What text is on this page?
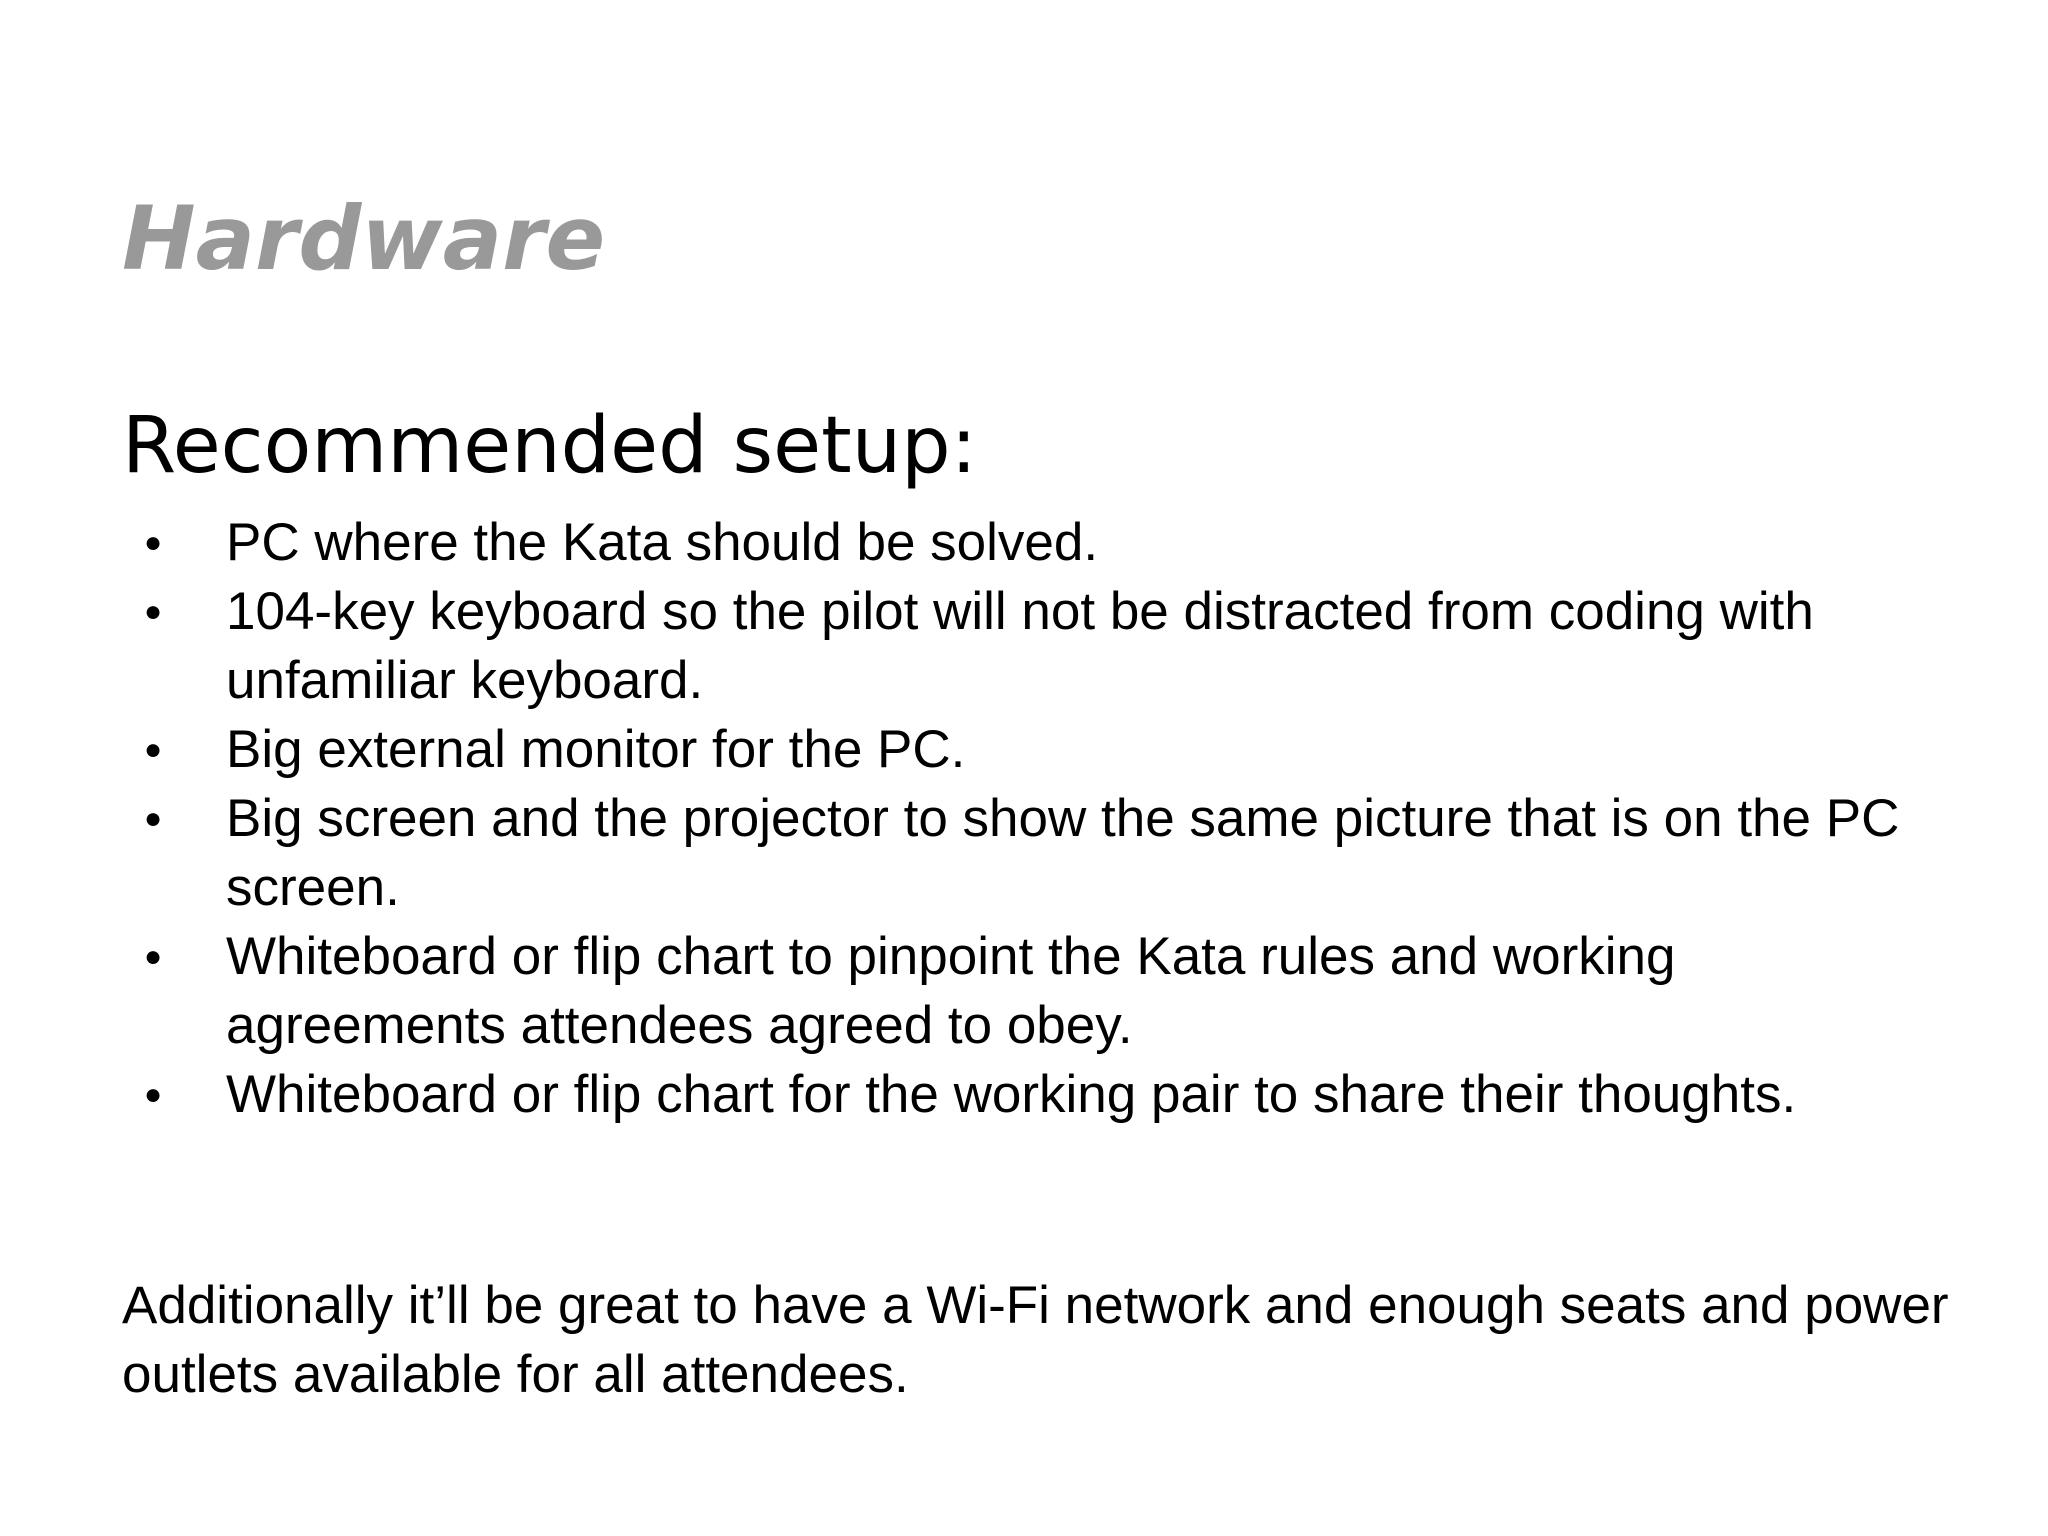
Hardware
Recommended setup:
● PC where the Kata should be solved.
● 104-key keyboard so the pilot will not be distracted from coding with unfamiliar keyboard.
● Big external monitor for the PC.
● Big screen and the projector to show the same picture that is on the PC screen.
● Whiteboard or flip chart to pinpoint the Kata rules and working agreements attendees agreed to obey.
● Whiteboard or flip chart for the working pair to share their thoughts.

Additionally it’ll be great to have a Wi-Fi network and enough seats and power outlets available for all attendees.
